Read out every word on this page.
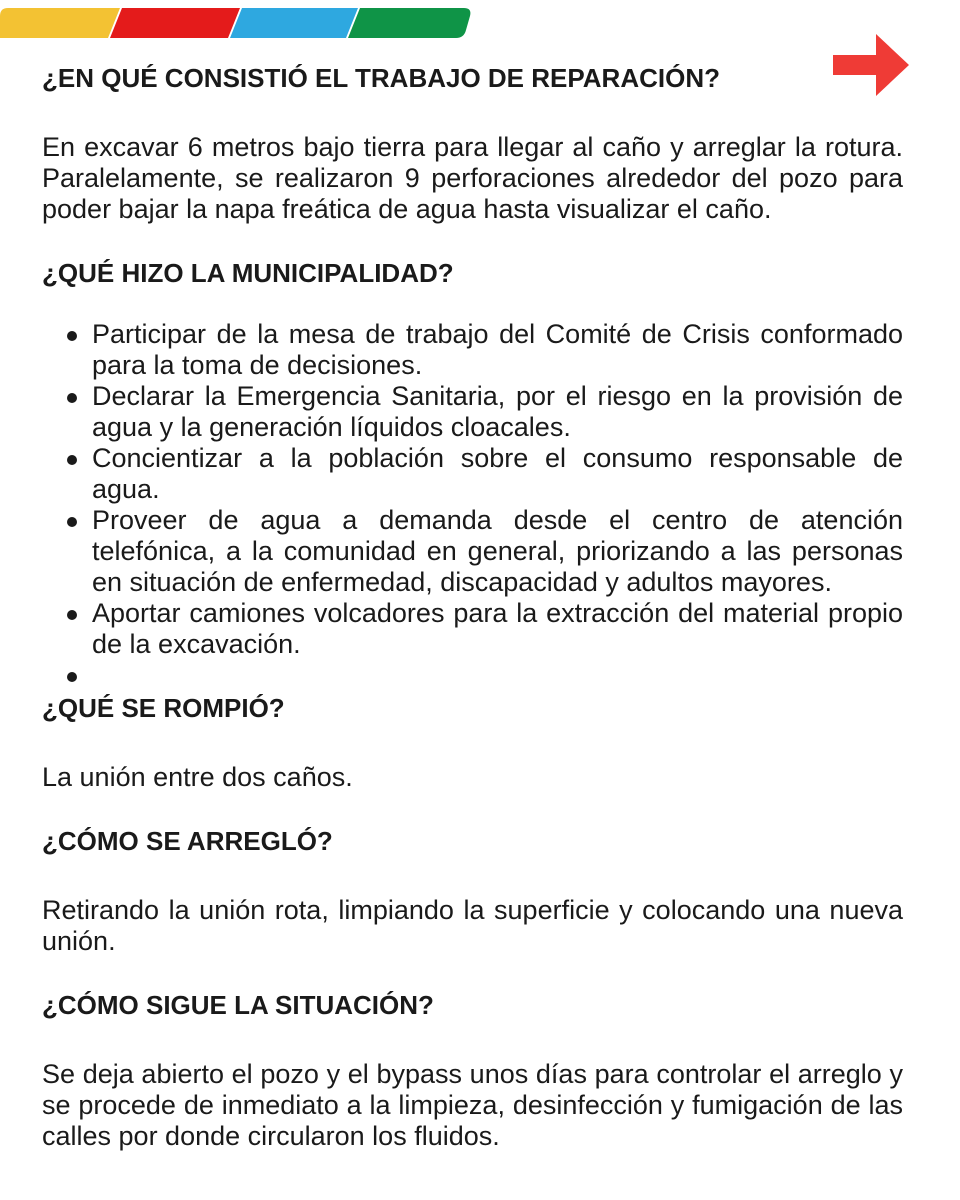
¿EN QUÉ CONSISTIÓ EL TRABAJO DE REPARACIÓN?

En excavar 6 metros bajo tierra para llegar al caño y arreglar la rotura. Paralelamente, se realizaron 9 perforaciones alrededor del pozo para poder bajar la napa freática de agua hasta visualizar el caño.

¿QUÉ HIZO LA MUNICIPALIDAD?
Participar de la mesa de trabajo del Comité de Crisis conformado para la toma de decisiones.
Declarar la Emergencia Sanitaria, por el riesgo en la provisión de agua y la generación líquidos cloacales.
Concientizar a la población sobre el consumo responsable de agua.
Proveer de agua a demanda desde el centro de atención telefónica, a la comunidad en general, priorizando a las personas en situación de enfermedad, discapacidad y adultos mayores.
Aportar camiones volcadores para la extracción del material propio de la excavación.
¿QUÉ SE ROMPIÓ?

La unión entre dos caños.

¿CÓMO SE ARREGLÓ?

Retirando la unión rota, limpiando la superficie y colocando una nueva unión.

¿CÓMO SIGUE LA SITUACIÓN?

Se deja abierto el pozo y el bypass unos días para controlar el arreglo y se procede de inmediato a la limpieza, desinfección y fumigación de las calles por donde circularon los fluidos.
